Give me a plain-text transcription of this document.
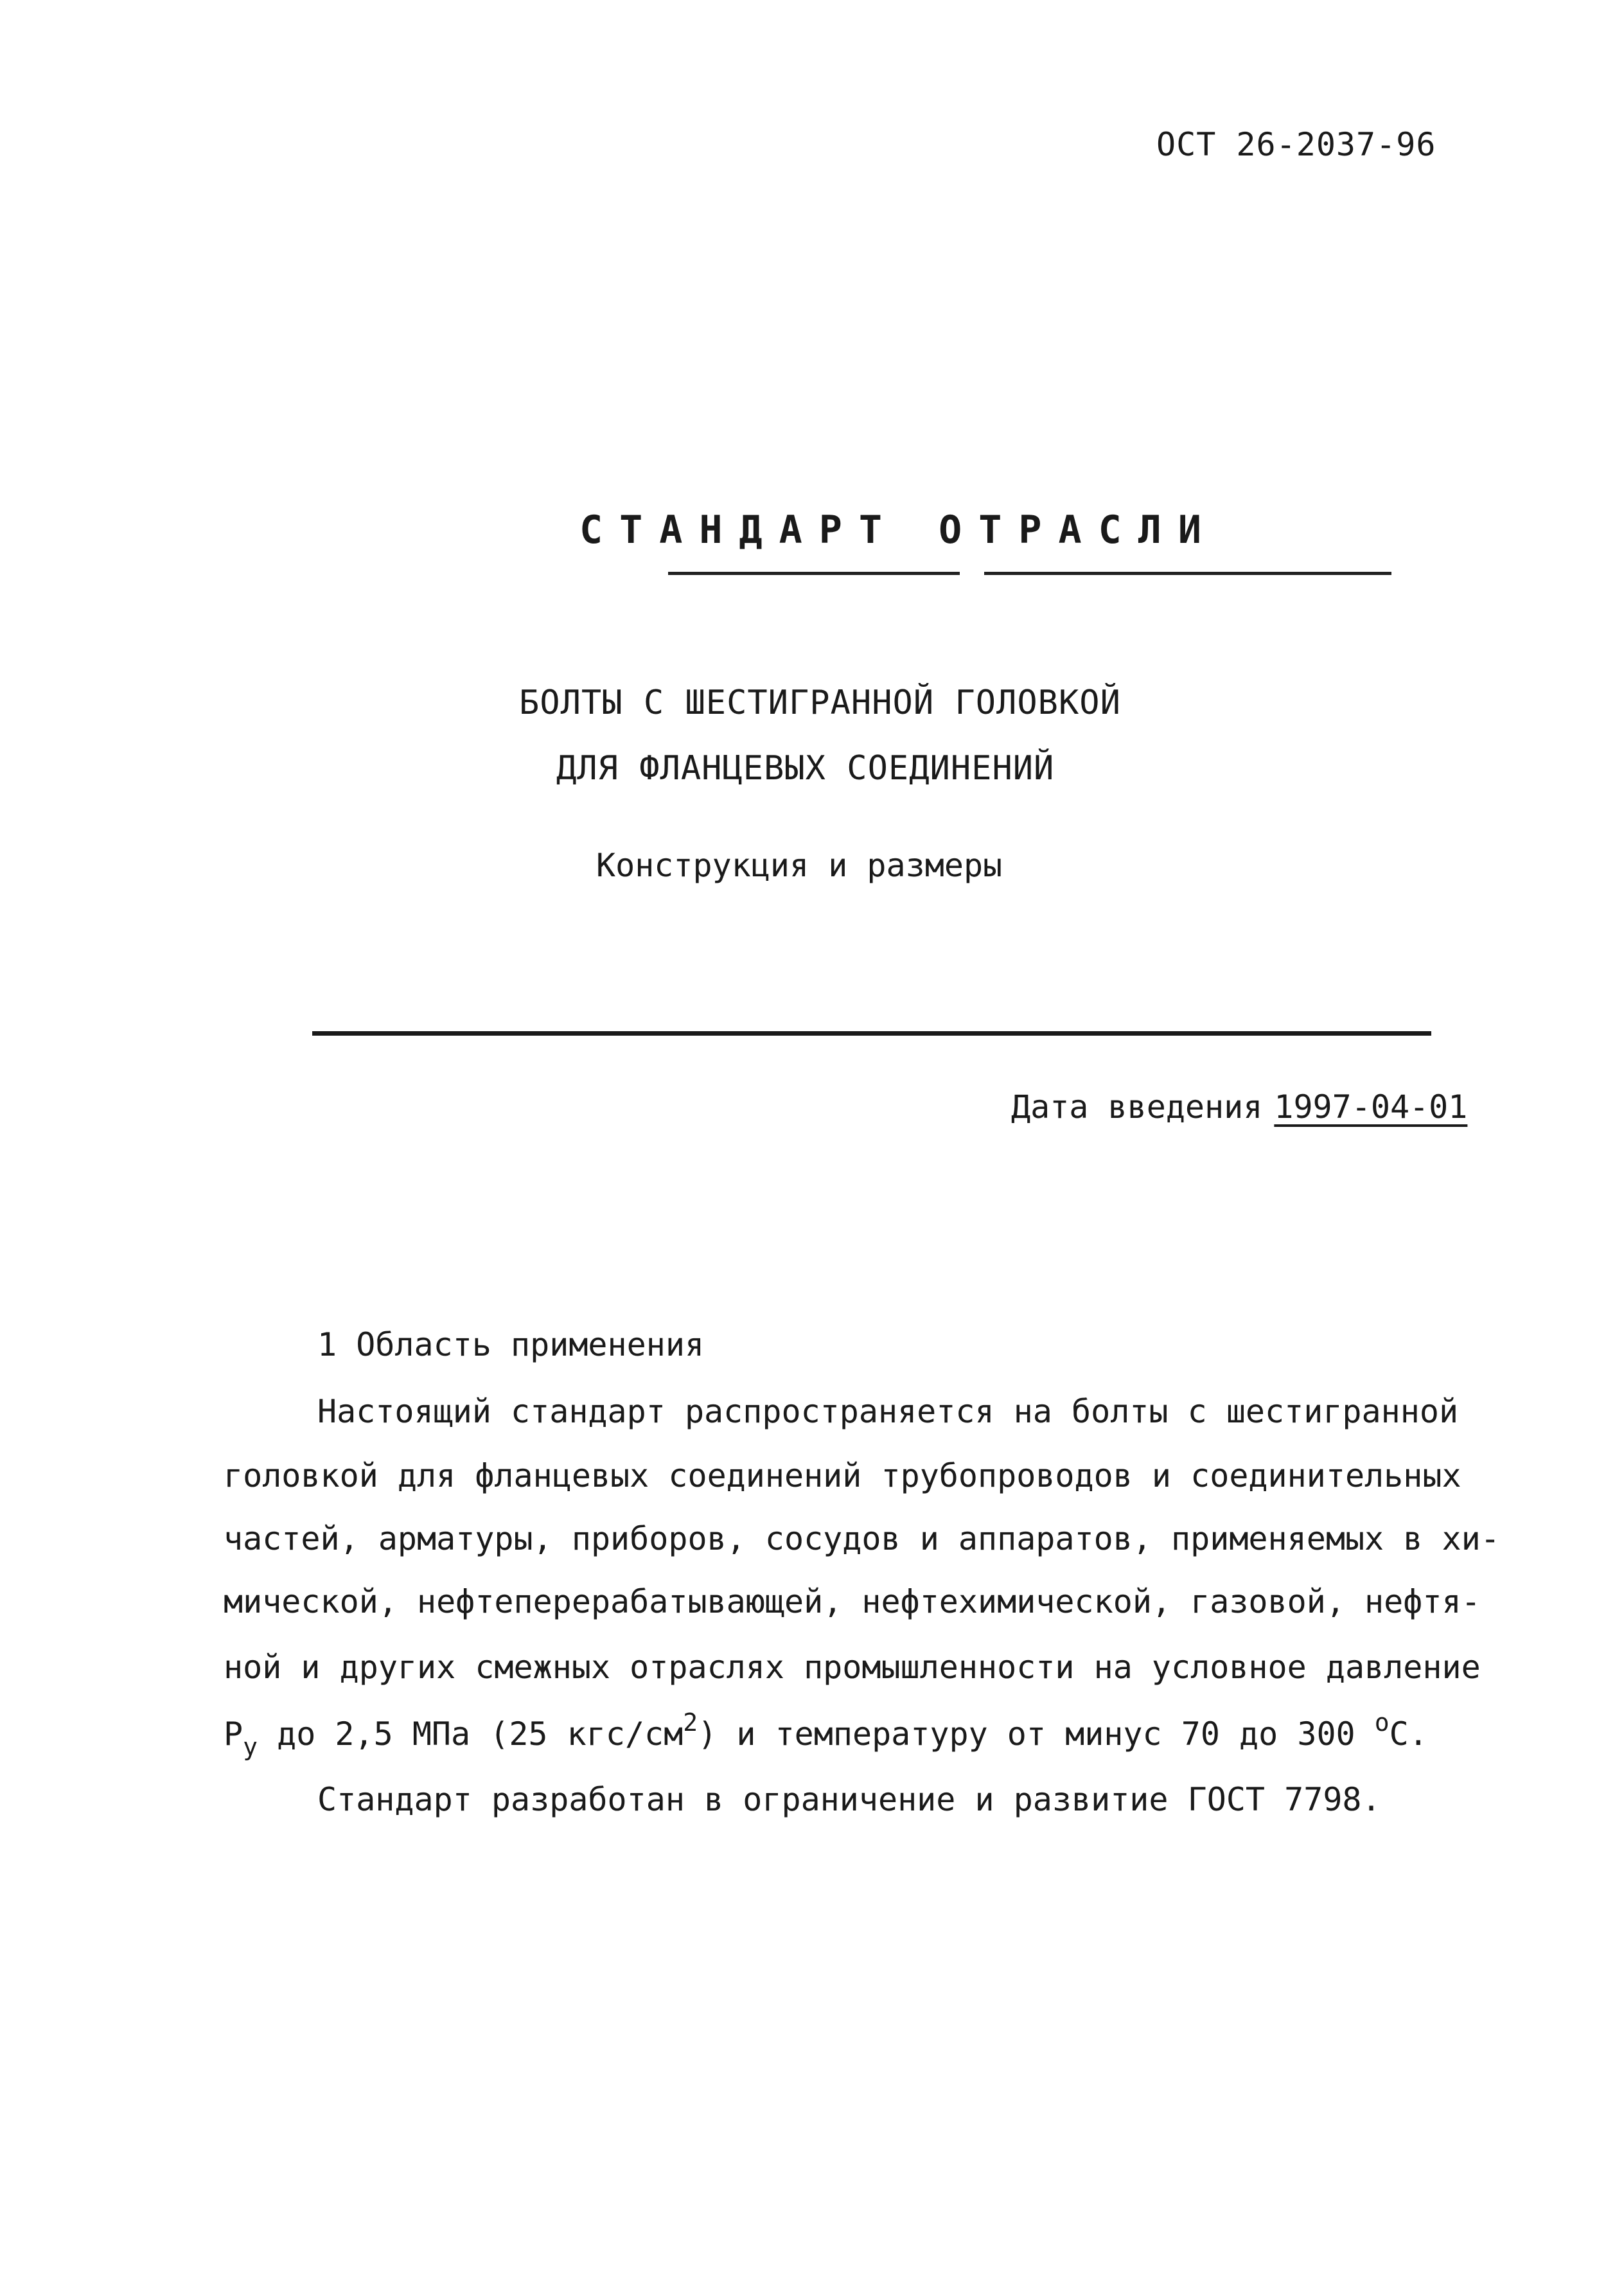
ОСТ 26-2037-96
СТАНДАРТ ОТРАСЛИ
БОЛТЫ С ШЕСТИГРАННОЙ ГОЛОВКОЙ
ДЛЯ ФЛАНЦЕВЫХ СОЕДИНЕНИЙ
Конструкция и размеры
Дата введения 1997-04-01
1 Область применения
Настоящий стандарт распространяется на болты с шестигранной
головкой для фланцевых соединений трубопроводов и соединительных
частей, арматуры, приборов, сосудов и аппаратов, применяемых в хи-
мической, нефтеперерабатывающей, нефтехимической, газовой, нефтя-
ной и других смежных отраслях промышленности на условное давление
$P_у$ до 2,5 МПа (25 кгс/$см^2$) и температуру от минус 70 до 300 $^о$С.
Стандарт разработан в ограничение и развитие ГОСТ 7798.
